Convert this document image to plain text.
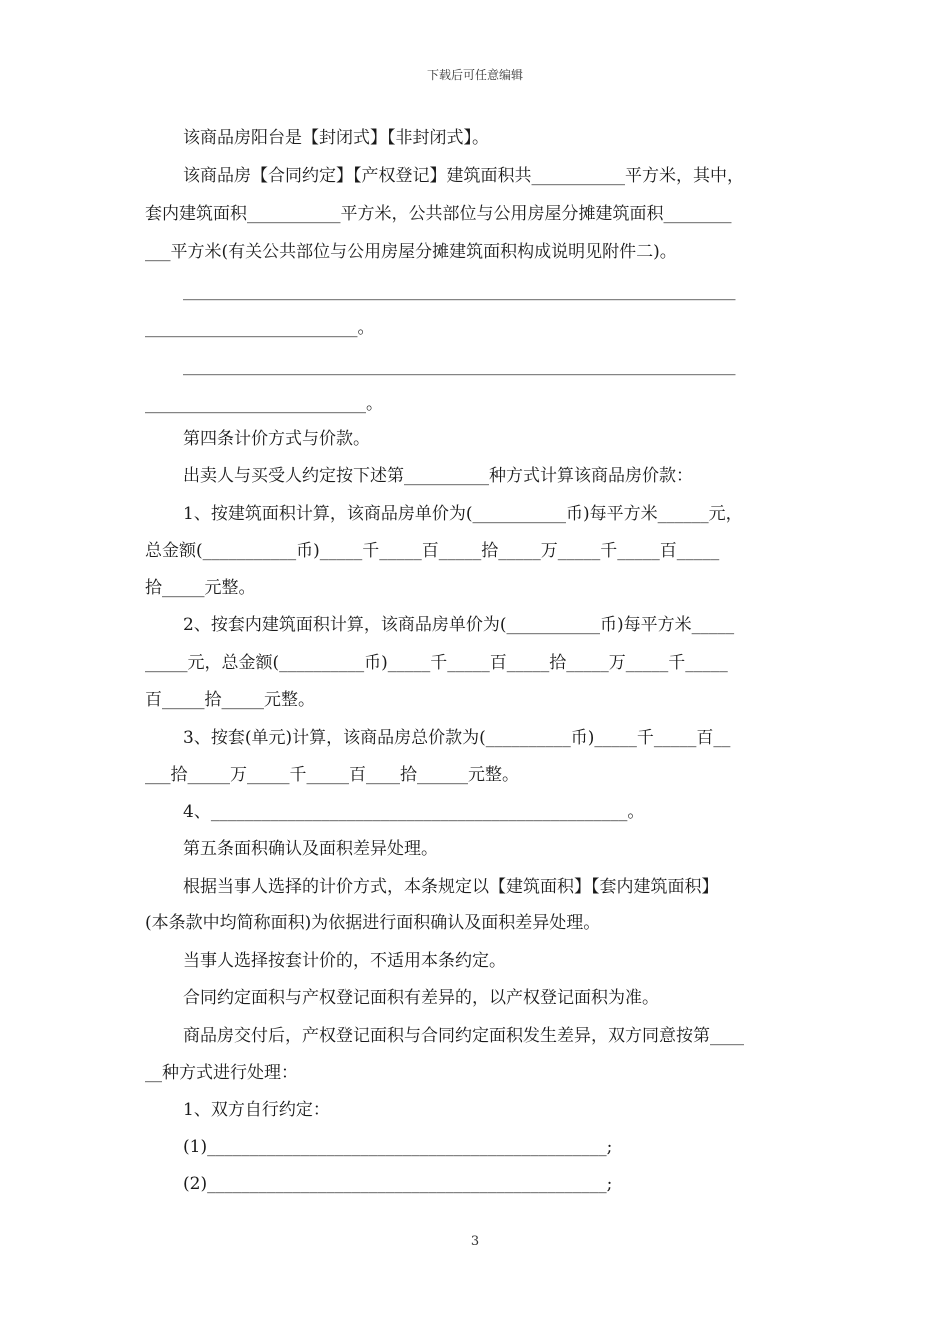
下载后可任意编辑
该商品房阳台是【封闭式】【非封闭式】。
该商品房【合同约定】【产权登记】建筑面积共___________平方米，其中，
套内建筑面积___________平方米，公共部位与公用房屋分摊建筑面积________
___平方米(有关公共部位与公用房屋分摊建筑面积构成说明见附件二)。
_________________________________________________________________
_________________________。
_________________________________________________________________
__________________________。
第四条计价方式与价款。
出卖人与买受人约定按下述第__________种方式计算该商品房价款：
1、按建筑面积计算，该商品房单价为(___________币)每平方米______元，
总金额(___________币)_____千_____百_____拾_____万_____千_____百_____
拾_____元整。
2、按套内建筑面积计算，该商品房单价为(___________币)每平方米_____
_____元，总金额(__________币)_____千_____百_____拾_____万_____千_____
百_____拾_____元整。
3、按套(单元)计算，该商品房总价款为(__________币)_____千_____百__
___拾_____万_____千_____百____拾______元整。
4、_________________________________________________。
第五条面积确认及面积差异处理。
根据当事人选择的计价方式，本条规定以【建筑面积】【套内建筑面积】
(本条款中均简称面积)为依据进行面积确认及面积差异处理。
当事人选择按套计价的，不适用本条约定。
合同约定面积与产权登记面积有差异的，以产权登记面积为准。
商品房交付后，产权登记面积与合同约定面积发生差异，双方同意按第____
__种方式进行处理：
1、双方自行约定：
(1)_______________________________________________;
(2)_______________________________________________;
3
